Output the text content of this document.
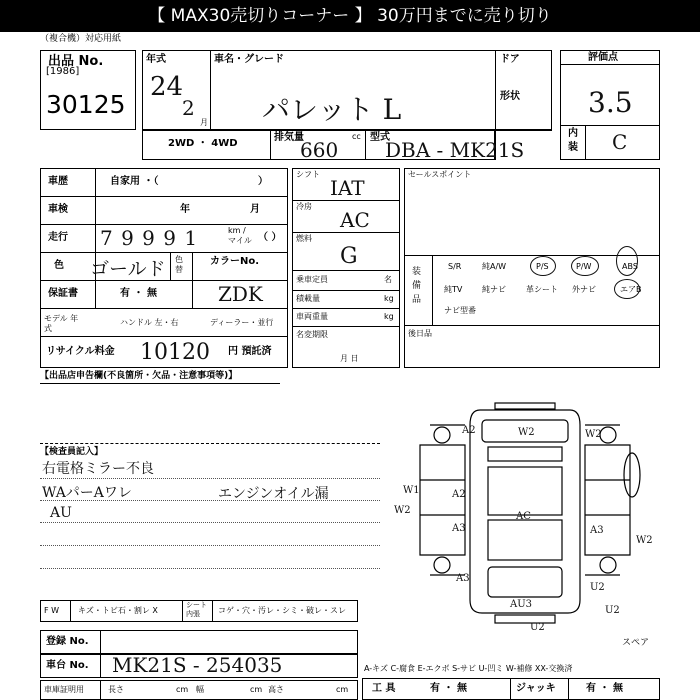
【 MAX30売切りコーナー 】 30万円までに売り切り
（複合機）対応用紙
出品 No.
[1986]
30125
年式
24
2
月
車名・グレード
パレット L
ドア
形状
評価点
3.5
内装 C
2WD ・ 4WD
排気量	cc
660
型式
DBA - MK21S
車歴	自家用 ・（	）
車検	年	月
走行 7 9 9 9 1	km / マイル （ ）
色 ゴールド 色替
カラーNo.
ZDK
保証書	有 ・ 無
モデル 年式
ハンドル 左・右	ディーラー・並行
リサイクル料金 10120 円 預託済
シフト
IAT
冷房
AC
燃料
G
乗車定員	名
積載量	kg
車両重量	kg
名変期限
月 日
セールスポイント
装備品
S/R	純A/W	P/S	P/W	ABS
純TV 純ナビ	革シート 外ナビ	エアB
ナビ型番
後日品
【出品店申告欄(不良箇所・欠品・注意事項等)】
【検査員記入】
右電格ミラー不良
WAパーAワレ
AU
エンジンオイル漏
A2	W2	W2
W1
W2
A2
A3
AC
A3
W2
A3
AU3
U2
U2
U2
スペア
F W キズ・トビ石・割レ X
シート 内張	コゲ・穴・汚レ・シミ・破レ・スレ
登録 No.
車台 No. MK21S - 254035
車庫証明用	長さ	cm 幅	cm 高さ	cm
A-キズ C-腐食 E-エクボ S-サビ U-凹ミ W-補修 XX-交換済
工 具	有 ・ 無	ジャッキ	有 ・ 無
